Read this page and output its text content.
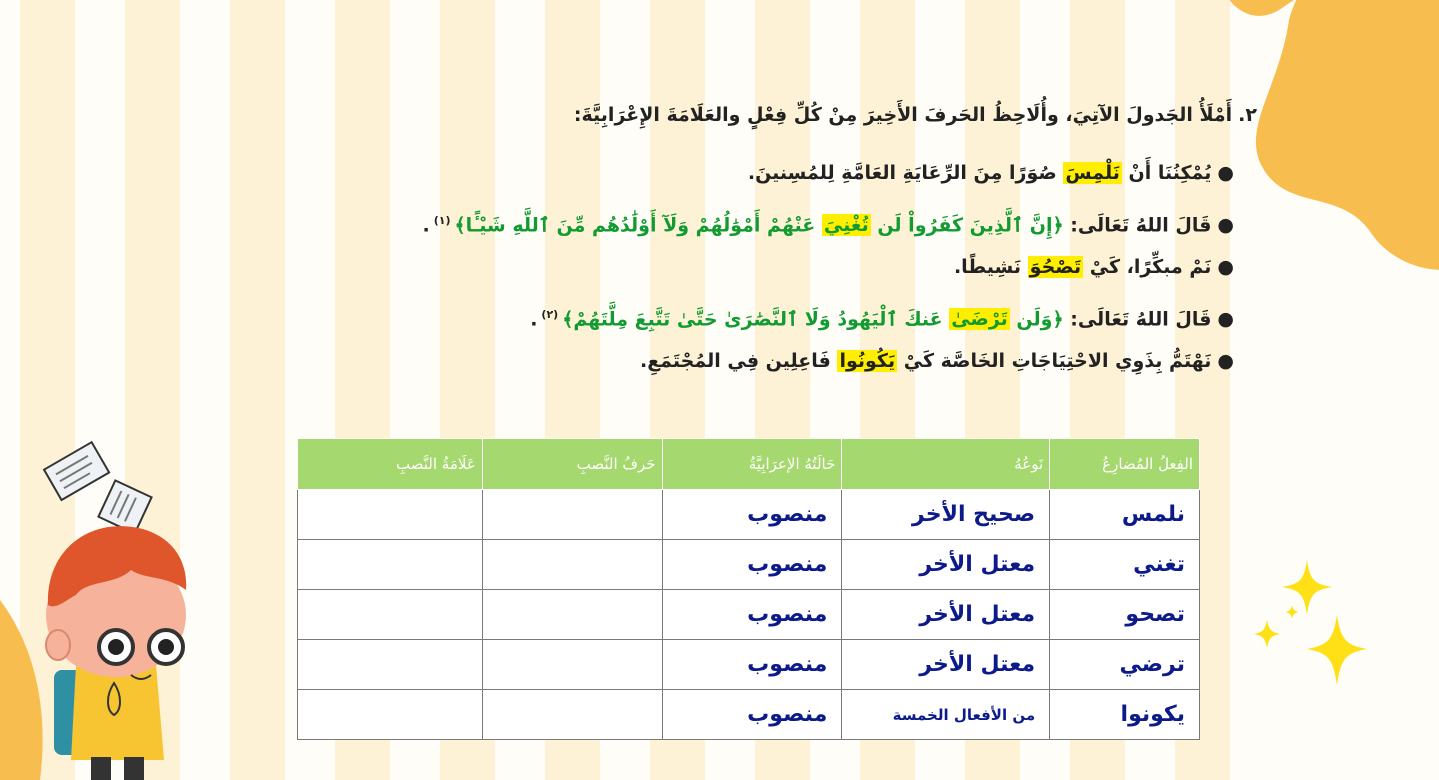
٢.أَمْلَأُ الجَدولَ الآتِيَ، وأُلَاحِظُ الحَرفَ الأَخِيرَ مِنْ كُلِّ فِعْلٍ والعَلَامَةَ الإِعْرَابِيَّةَ:

●يُمْكِنُنَا أَنْ نَلْمِسَ صُوَرًا مِنَ الرِّعَايَةِ العَامَّةِ لِلمُسِنينَ.
●قَالَ اللهُ تَعَالَى: ﴿إِنَّ ٱلَّذِينَ كَفَرُواْ لَن تُغْنِيَ عَنْهُمْ أَمْوَٰلُهُمْ وَلَآ أَوْلَٰدُهُم مِّنَ ٱللَّهِ شَيْـًٔا﴾$^{(١)}$.
●نَمْ مبكِّرًا، كَيْ تَصْحُوَ نَشِيطًا.
●قَالَ اللهُ تَعَالَى: ﴿وَلَن تَرْضَىٰ عَنكَ ٱلْيَهُودُ وَلَا ٱلنَّصَٰرَىٰ حَتَّىٰ تَتَّبِعَ مِلَّتَهُمْ﴾$^{(٢)}$.
●نَهْتَمُّ بِذَوِي الاحْتِيَاجَاتِ الخَاصَّة كَيْ يَكُونُوا فَاعِلِين فِي المُجْتَمَعِ.
الفِعلُ المُضارِعُ	نَوعُهُ	حَالَتُهُ الإعرَابِيَّةُ	حَرفُ النَّصبِ	عَلَامَةُ النَّصبِ
نلمس	صحيح الأخر	منصوب		
تغني	معتل الأخر	منصوب		
تصحو	معتل الأخر	منصوب		
ترضي	معتل الأخر	منصوب		
يكونوا	من الأفعال الخمسة	منصوب		
